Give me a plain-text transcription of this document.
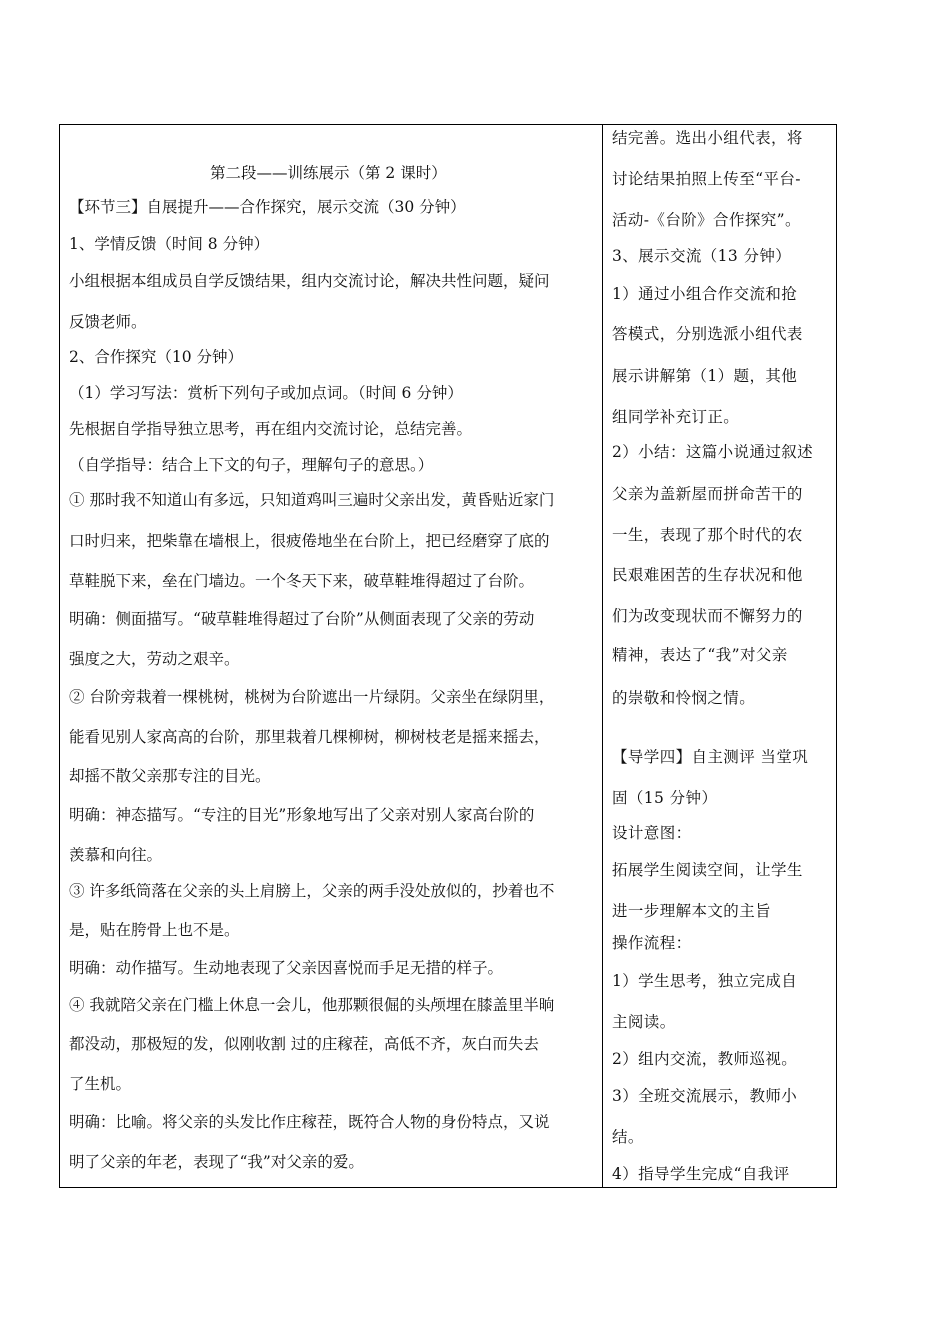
第二段——训练展示（第 2 课时）
【环节三】自展提升——合作探究，展示交流（30 分钟）
1、学情反馈（时间 8 分钟）
小组根据本组成员自学反馈结果，组内交流讨论，解决共性问题，疑问
反馈老师。
2、合作探究（10 分钟）
（1）学习写法：赏析下列句子或加点词。（时间 6 分钟）
先根据自学指导独立思考，再在组内交流讨论，总结完善。
（自学指导：结合上下文的句子，理解句子的意思。）
① 那时我不知道山有多远，只知道鸡叫三遍时父亲出发，黄昏贴近家门
口时归来，把柴靠在墙根上，很疲倦地坐在台阶上，把已经磨穿了底的
草鞋脱下来，垒在门墙边。一个冬天下来，破草鞋堆得超过了台阶。
明确：侧面描写。“破草鞋堆得超过了台阶”从侧面表现了父亲的劳动
强度之大，劳动之艰辛。
② 台阶旁栽着一棵桃树，桃树为台阶遮出一片绿阴。父亲坐在绿阴里，
能看见别人家高高的台阶，那里栽着几棵柳树，柳树枝老是摇来摇去，
却摇不散父亲那专注的目光。
明确：神态描写。“专注的目光”形象地写出了父亲对别人家高台阶的
羡慕和向往。
③ 许多纸筒落在父亲的头上肩膀上，父亲的两手没处放似的，抄着也不
是，贴在胯骨上也不是。
明确：动作描写。生动地表现了父亲因喜悦而手足无措的样子。
④ 我就陪父亲在门槛上休息一会儿，他那颗很倔的头颅埋在膝盖里半晌
都没动，那极短的发，似刚收割 过的庄稼茬，高低不齐，灰白而失去
了生机。
明确：比喻。将父亲的头发比作庄稼茬，既符合人物的身份特点，又说
明了父亲的年老，表现了“我”对父亲的爱。
结完善。选出小组代表，将
讨论结果拍照上传至“平台-
活动-《台阶》合作探究”。
3、展示交流（13 分钟）
1）通过小组合作交流和抢
答模式，分别选派小组代表
展示讲解第（1）题，其他
组同学补充订正。
2）小结：这篇小说通过叙述
父亲为盖新屋而拼命苦干的
一生，表现了那个时代的农
民艰难困苦的生存状况和他
们为改变现状而不懈努力的
精神，表达了“我”对父亲
的崇敬和怜悯之情。
【导学四】自主测评 当堂巩
固（15 分钟）
设计意图：
拓展学生阅读空间，让学生
进一步理解本文的主旨
操作流程：
1）学生思考，独立完成自
主阅读。
2）组内交流，教师巡视。
3）全班交流展示，教师小
结。
4）指导学生完成“自我评
